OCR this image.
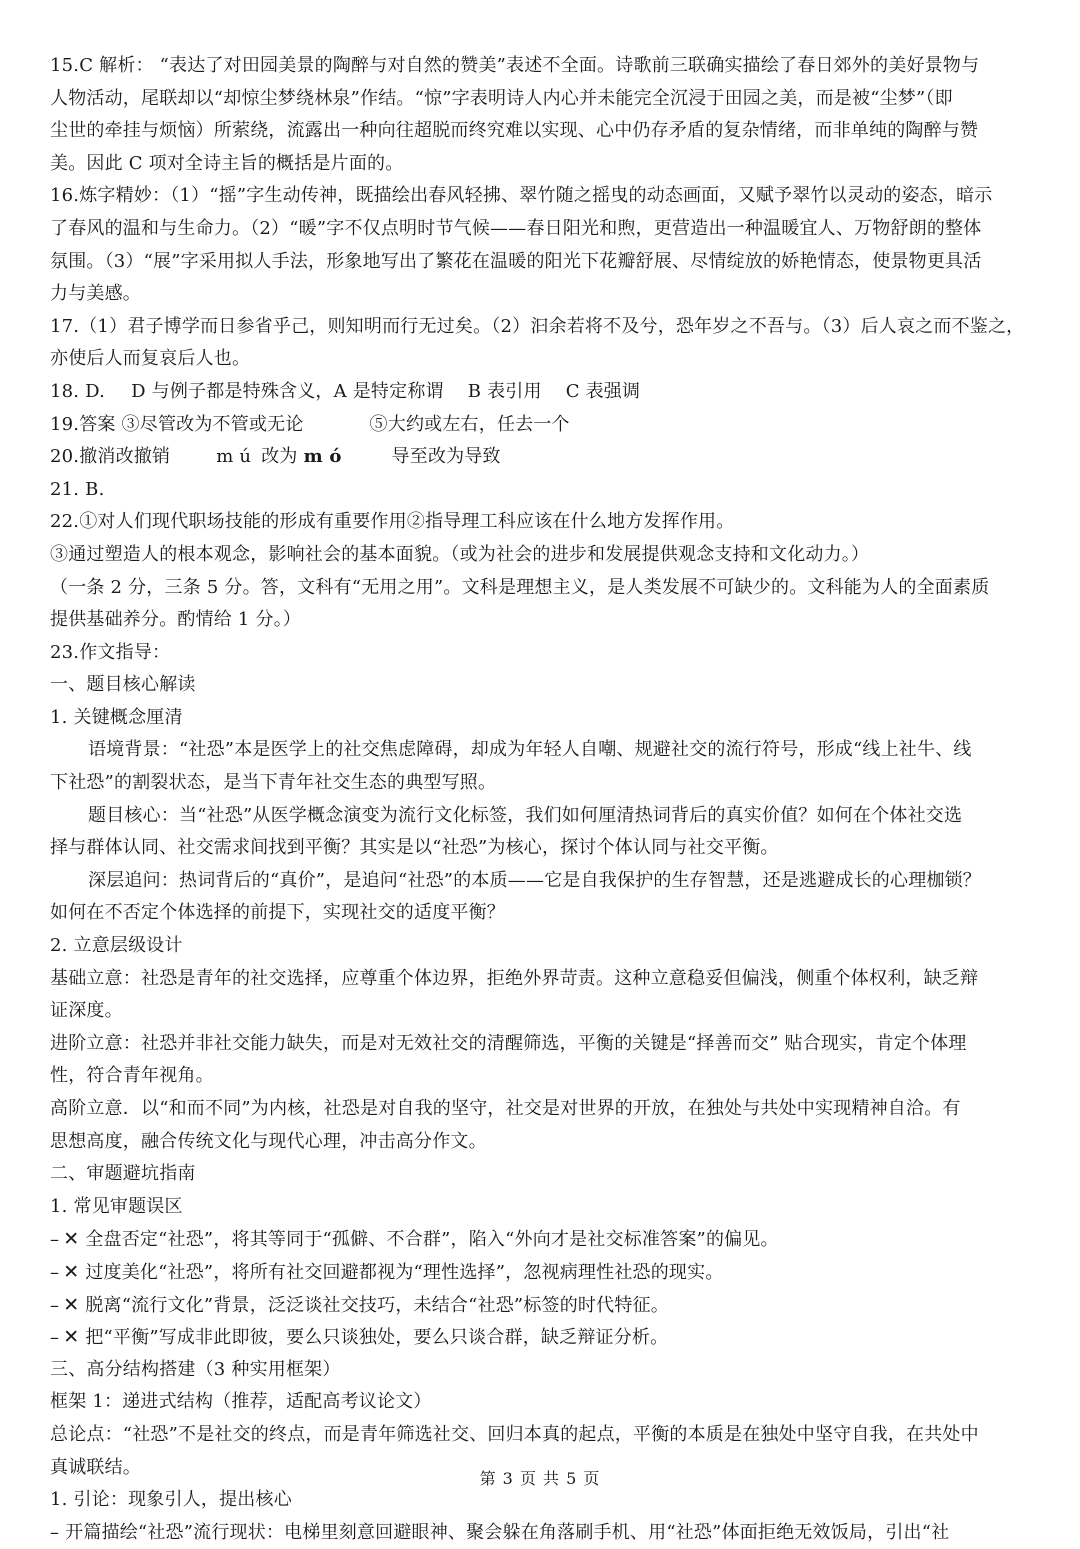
15.C 解析： “表达了对田园美景的陶醉与对自然的赞美”表述不全面。诗歌前三联确实描绘了春日郊外的美好景物与
人物活动，尾联却以“却惊尘梦绕林泉”作结。“惊”字表明诗人内心并未能完全沉浸于田园之美，而是被“尘梦”（即
尘世的牵挂与烦恼）所萦绕，流露出一种向往超脱而终究难以实现、心中仍存矛盾的复杂情绪，而非单纯的陶醉与赞
美。因此 C 项对全诗主旨的概括是片面的。
16.炼字精妙：（1）“摇”字生动传神，既描绘出春风轻拂、翠竹随之摇曳的动态画面，又赋予翠竹以灵动的姿态，暗示
了春风的温和与生命力。（2）“暖”字不仅点明时节气候——春日阳光和煦，更营造出一种温暖宜人、万物舒朗的整体
氛围。（3）“展”字采用拟人手法，形象地写出了繁花在温暖的阳光下花瓣舒展、尽情绽放的娇艳情态，使景物更具活
力与美感。
17.（1）君子博学而日参省乎己，则知明而行无过矣。（2）汩余若将不及兮，恐年岁之不吾与。（3）后人哀之而不鉴之，
亦使后人而复哀后人也。
18. D. D 与例子都是特殊含义，A 是特定称谓 B 表引用 C 表强调
19.答案 ③尽管改为不管或无论	⑤大约或左右，任去一个
20.撤消改撤销	m ú 改为 m ó	导至改为导致
21. B.
22.①对人们现代职场技能的形成有重要作用②指导理工科应该在什么地方发挥作用。
③通过塑造人的根本观念，影响社会的基本面貌。（或为社会的进步和发展提供观念支持和文化动力。）
（一条 2 分，三条 5 分。答，文科有“无用之用”。文科是理想主义，是人类发展不可缺少的。文科能为人的全面素质
提供基础养分。酌情给 1 分。）
23.作文指导：
一、题目核心解读
1. 关键概念厘清
语境背景：“社恐”本是医学上的社交焦虑障碍，却成为年轻人自嘲、规避社交的流行符号，形成“线上社牛、线
下社恐”的割裂状态，是当下青年社交生态的典型写照。
题目核心：当“社恐”从医学概念演变为流行文化标签，我们如何厘清热词背后的真实价值？如何在个体社交选
择与群体认同、社交需求间找到平衡？其实是以“社恐”为核心，探讨个体认同与社交平衡。
深层追问：热词背后的“真价”，是追问“社恐”的本质——它是自我保护的生存智慧，还是逃避成长的心理枷锁？
如何在不否定个体选择的前提下，实现社交的适度平衡？
2. 立意层级设计
基础立意：社恐是青年的社交选择，应尊重个体边界，拒绝外界苛责。这种立意稳妥但偏浅，侧重个体权利，缺乏辩
证深度。
进阶立意：社恐并非社交能力缺失，而是对无效社交的清醒筛选，平衡的关键是“择善而交” 贴合现实，肯定个体理
性，符合青年视角。
高阶立意．以“和而不同”为内核，社恐是对自我的坚守，社交是对世界的开放，在独处与共处中实现精神自洽。有
思想高度，融合传统文化与现代心理，冲击高分作文。
二、审题避坑指南
1. 常见审题误区
– ✕ 全盘否定“社恐”，将其等同于“孤僻、不合群”，陷入“外向才是社交标准答案”的偏见。
– ✕ 过度美化“社恐”，将所有社交回避都视为“理性选择”，忽视病理性社恐的现实。
– ✕ 脱离“流行文化”背景，泛泛谈社交技巧，未结合“社恐”标签的时代特征。
– ✕ 把“平衡”写成非此即彼，要么只谈独处，要么只谈合群，缺乏辩证分析。
三、高分结构搭建（3 种实用框架）
框架 1：递进式结构（推荐，适配高考议论文）
总论点：“社恐”不是社交的终点，而是青年筛选社交、回归本真的起点，平衡的本质是在独处中坚守自我，在共处中
真诚联结。
1. 引论：现象引人，提出核心
– 开篇描绘“社恐”流行现状：电梯里刻意回避眼神、聚会躲在角落刷手机、用“社恐”体面拒绝无效饭局，引出“社
第 3 页 共 5 页
